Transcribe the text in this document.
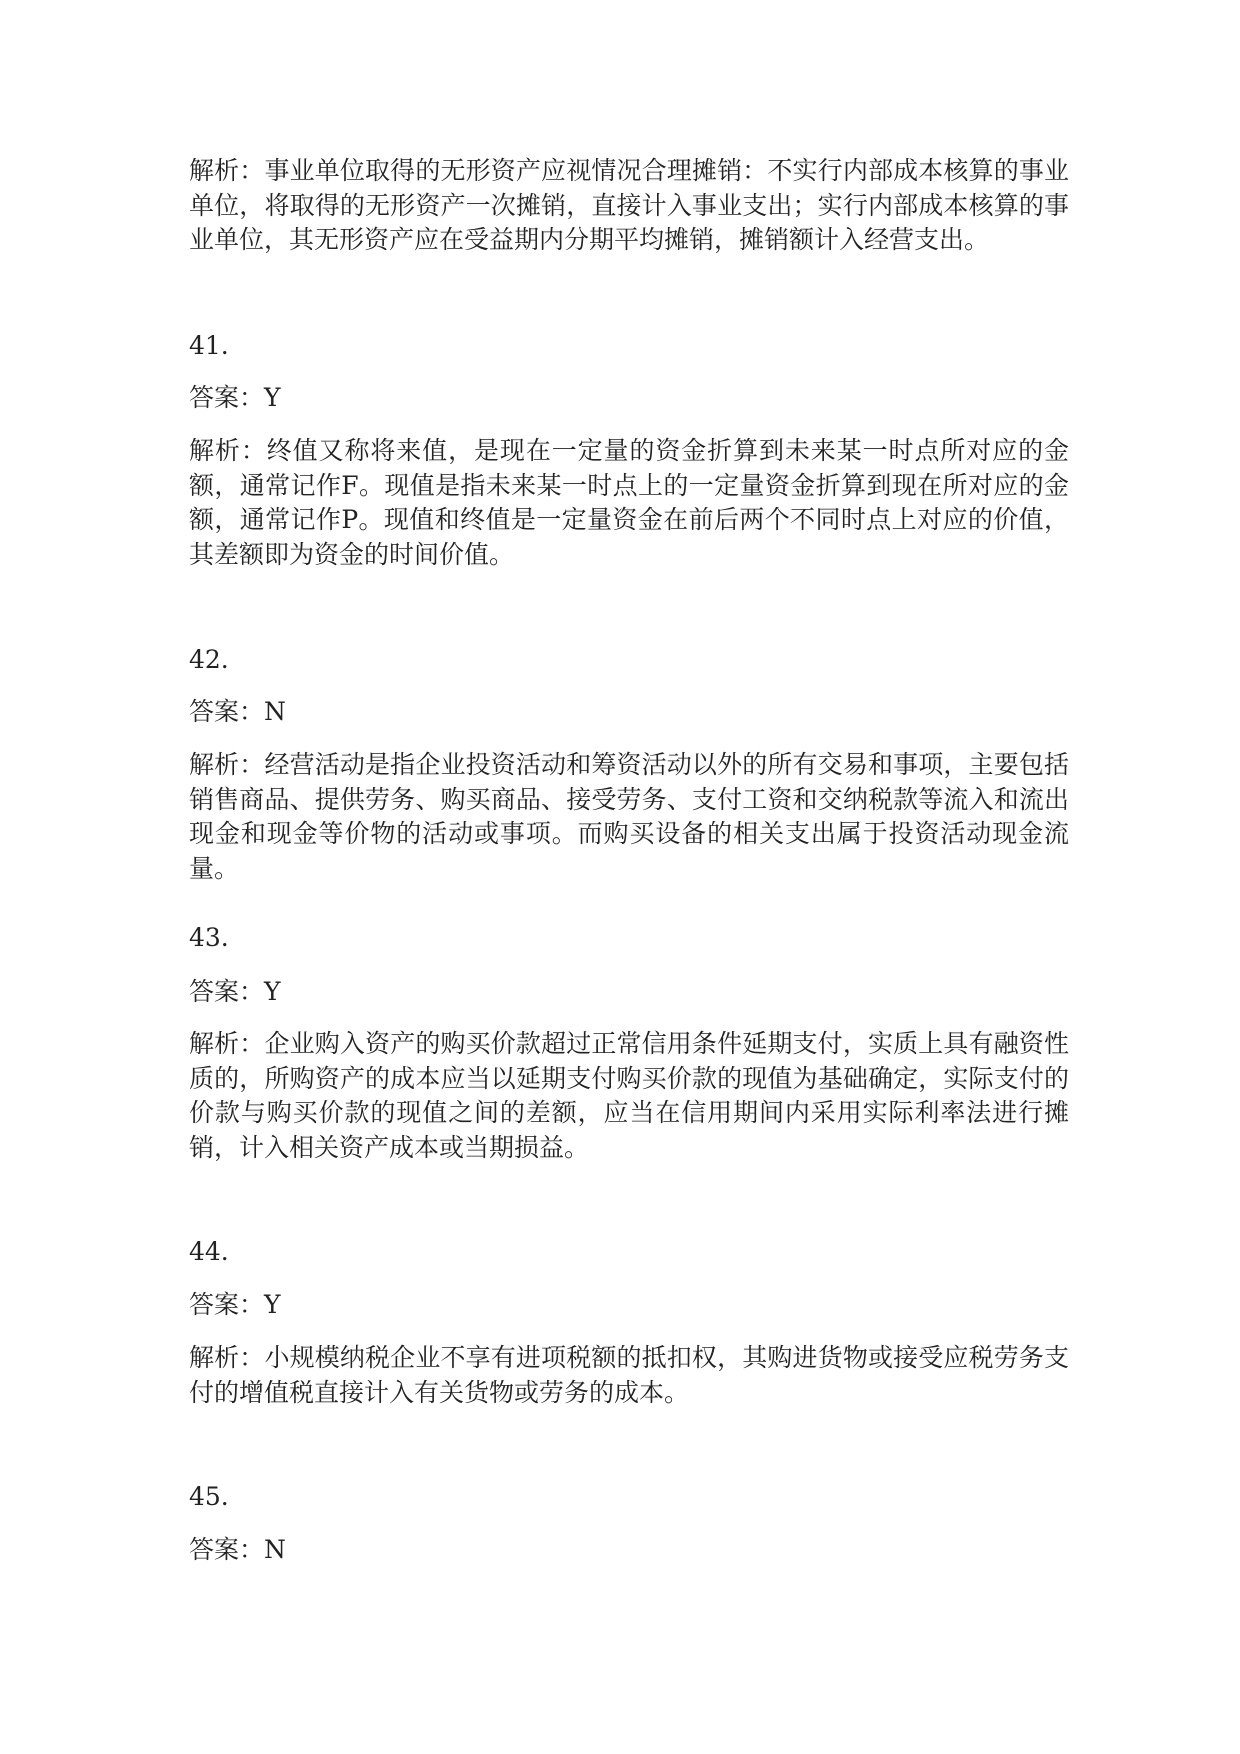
解析：事业单位取得的无形资产应视情况合理摊销：不实行内部成本核算的事业单位，将取得的无形资产一次摊销，直接计入事业支出；实行内部成本核算的事业单位，其无形资产应在受益期内分期平均摊销，摊销额计入经营支出。
41.
答案：Y
解析：终值又称将来值，是现在一定量的资金折算到未来某一时点所对应的金额，通常记作F。现值是指未来某一时点上的一定量资金折算到现在所对应的金额，通常记作P。现值和终值是一定量资金在前后两个不同时点上对应的价值，其差额即为资金的时间价值。
42.
答案：N
解析：经营活动是指企业投资活动和筹资活动以外的所有交易和事项，主要包括销售商品、提供劳务、购买商品、接受劳务、支付工资和交纳税款等流入和流出现金和现金等价物的活动或事项。而购买设备的相关支出属于投资活动现金流量。
43.
答案：Y
解析：企业购入资产的购买价款超过正常信用条件延期支付，实质上具有融资性质的，所购资产的成本应当以延期支付购买价款的现值为基础确定，实际支付的价款与购买价款的现值之间的差额，应当在信用期间内采用实际利率法进行摊销，计入相关资产成本或当期损益。
44.
答案：Y
解析：小规模纳税企业不享有进项税额的抵扣权，其购进货物或接受应税劳务支付的增值税直接计入有关货物或劳务的成本。
45.
答案：N
